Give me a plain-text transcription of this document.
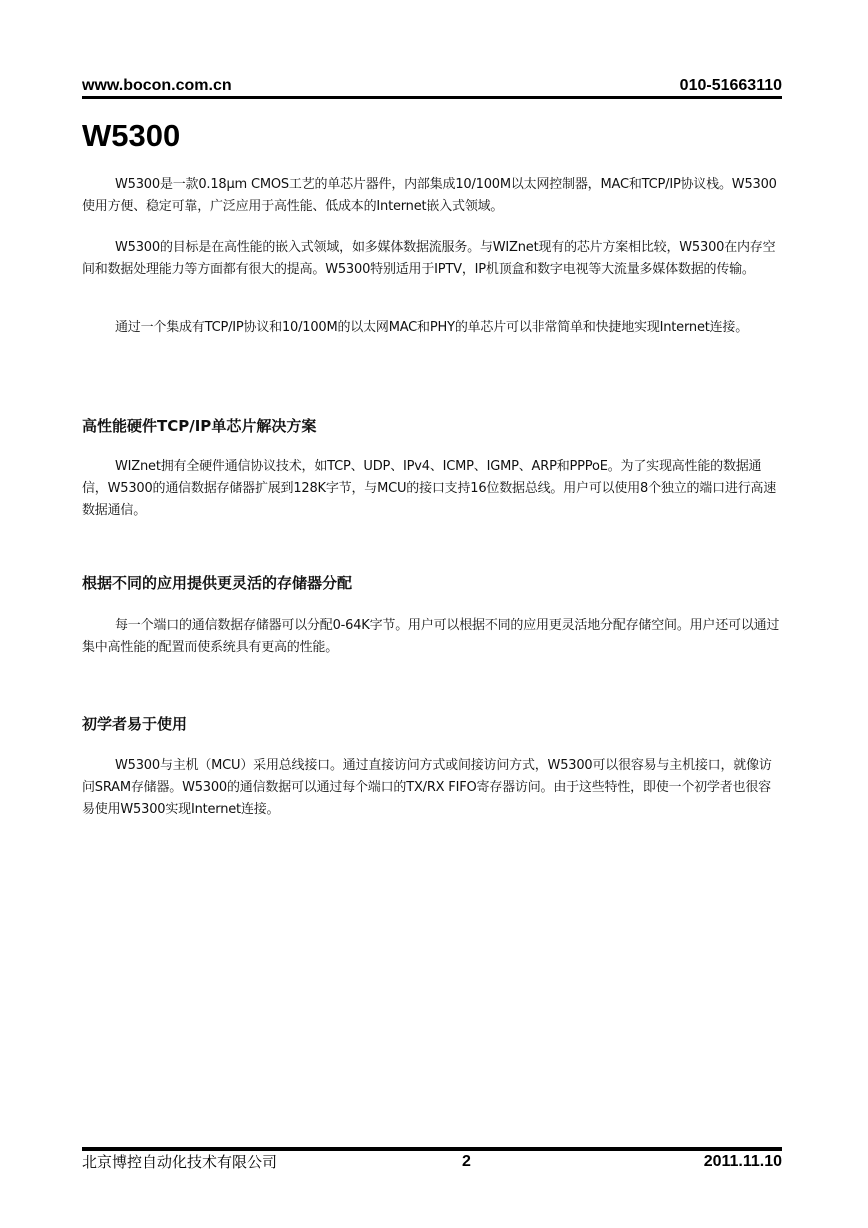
www.bocon.com.cn	010-51663110
W5300

W5300是一款0.18µm CMOS工艺的单芯片器件，内部集成10/100M以太网控制器，MAC和TCP/IP协议栈。W5300使用方便、稳定可靠，广泛应用于高性能、低成本的Internet嵌入式领域。

W5300的目标是在高性能的嵌入式领域，如多媒体数据流服务。与WIZnet现有的芯片方案相比较，W5300在内存空间和数据处理能力等方面都有很大的提高。W5300特别适用于IPTV，IP机顶盒和数字电视等大流量多媒体数据的传输。

通过一个集成有TCP/IP协议和10/100M的以太网MAC和PHY的单芯片可以非常简单和快捷地实现Internet连接。

高性能硬件TCP/IP单芯片解决方案

WIZnet拥有全硬件通信协议技术，如TCP、UDP、IPv4、ICMP、IGMP、ARP和PPPoE。为了实现高性能的数据通信，W5300的通信数据存储器扩展到128K字节，与MCU的接口支持16位数据总线。用户可以使用8个独立的端口进行高速数据通信。

根据不同的应用提供更灵活的存储器分配

每一个端口的通信数据存储器可以分配0-64K字节。用户可以根据不同的应用更灵活地分配存储空间。用户还可以通过集中高性能的配置而使系统具有更高的性能。

初学者易于使用

W5300与主机（MCU）采用总线接口。通过直接访问方式或间接访问方式，W5300可以很容易与主机接口，就像访问SRAM存储器。W5300的通信数据可以通过每个端口的TX/RX FIFO寄存器访问。由于这些特性，即使一个初学者也很容易使用W5300实现Internet连接。

北京博控自动化技术有限公司	2	2011.11.10
